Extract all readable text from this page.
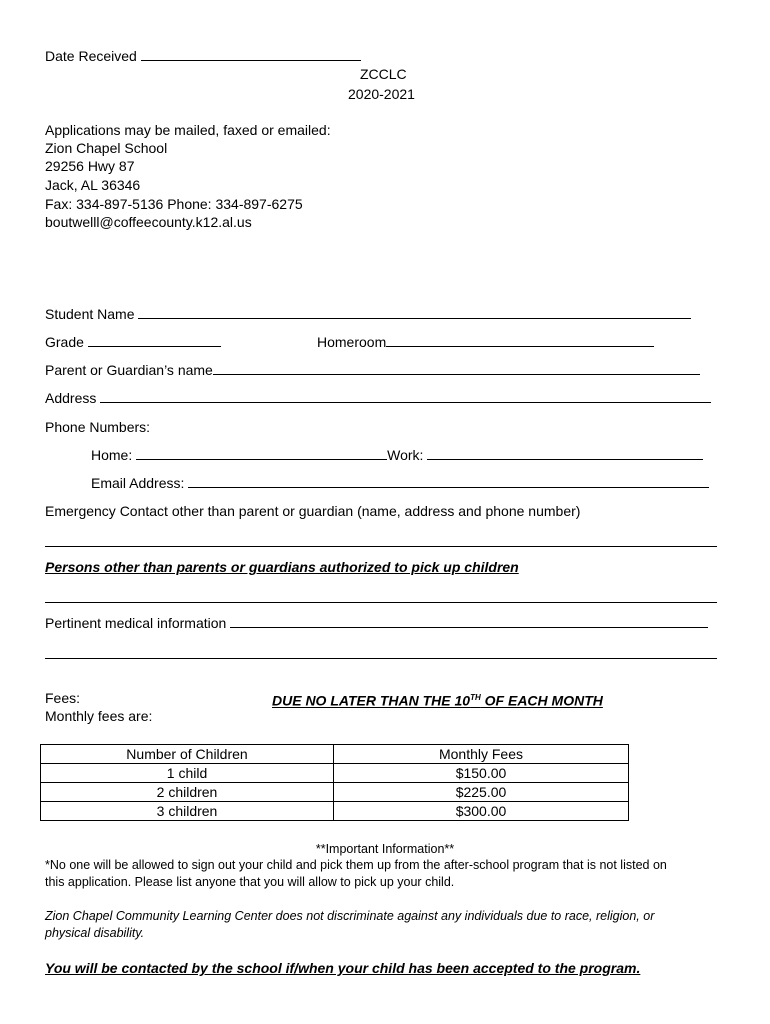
Date Received
ZCCLC
2020-2021
Applications may be mailed, faxed or emailed:
Zion Chapel School
29256 Hwy 87
Jack, AL 36346
Fax: 334-897-5136 Phone: 334-897-6275
boutwelll@coffeecounty.k12.al.us
Student Name
Grade	Homeroom
Parent or Guardian’s name
Address
Phone Numbers:
Home:	Work:
Email Address:
Emergency Contact other than parent or guardian (name, address and phone number)
Persons other than parents or guardians authorized to pick up children
Pertinent medical information
Fees:	DUE NO LATER THAN THE 10TH OF EACH MONTH
Monthly fees are:
Number of Children	Monthly Fees
1 child	$150.00
2 children	$225.00
3 children	$300.00
**Important Information**
*No one will be allowed to sign out your child and pick them up from the after-school program that is not listed on
this application. Please list anyone that you will allow to pick up your child.
Zion Chapel Community Learning Center does not discriminate against any individuals due to race, religion, or
physical disability.
You will be contacted by the school if/when your child has been accepted to the program.
